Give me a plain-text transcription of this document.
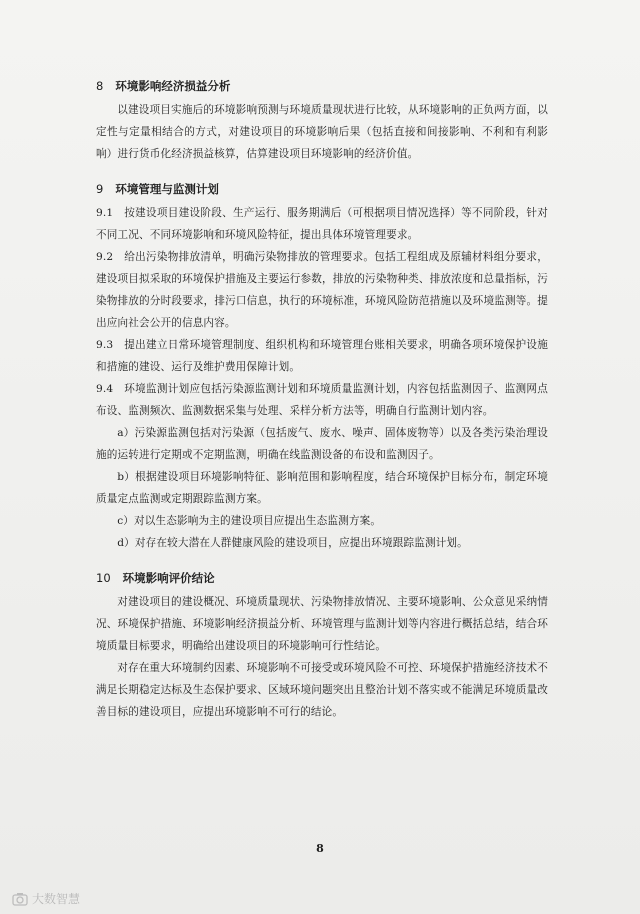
8 环境影响经济损益分析

以建设项目实施后的环境影响预测与环境质量现状进行比较，从环境影响的正负两方面，以定性与定量相结合的方式，对建设项目的环境影响后果（包括直接和间接影响、不利和有利影响）进行货币化经济损益核算，估算建设项目环境影响的经济价值。

9 环境管理与监测计划

9.1　按建设项目建设阶段、生产运行、服务期满后（可根据项目情况选择）等不同阶段，针对不同工况、不同环境影响和环境风险特征，提出具体环境管理要求。

9.2　给出污染物排放清单，明确污染物排放的管理要求。包括工程组成及原辅材料组分要求，建设项目拟采取的环境保护措施及主要运行参数，排放的污染物种类、排放浓度和总量指标，污染物排放的分时段要求，排污口信息，执行的环境标准，环境风险防范措施以及环境监测等。提出应向社会公开的信息内容。

9.3　提出建立日常环境管理制度、组织机构和环境管理台账相关要求，明确各项环境保护设施和措施的建设、运行及维护费用保障计划。

9.4　环境监测计划应包括污染源监测计划和环境质量监测计划，内容包括监测因子、监测网点布设、监测频次、监测数据采集与处理、采样分析方法等，明确自行监测计划内容。

a）污染源监测包括对污染源（包括废气、废水、噪声、固体废物等）以及各类污染治理设施的运转进行定期或不定期监测，明确在线监测设备的布设和监测因子。

b）根据建设项目环境影响特征、影响范围和影响程度，结合环境保护目标分布，制定环境质量定点监测或定期跟踪监测方案。

c）对以生态影响为主的建设项目应提出生态监测方案。

d）对存在较大潜在人群健康风险的建设项目，应提出环境跟踪监测计划。

10 环境影响评价结论

对建设项目的建设概况、环境质量现状、污染物排放情况、主要环境影响、公众意见采纳情况、环境保护措施、环境影响经济损益分析、环境管理与监测计划等内容进行概括总结，结合环境质量目标要求，明确给出建设项目的环境影响可行性结论。

对存在重大环境制约因素、环境影响不可接受或环境风险不可控、环境保护措施经济技术不满足长期稳定达标及生态保护要求、区域环境问题突出且整治计划不落实或不能满足环境质量改善目标的建设项目，应提出环境影响不可行的结论。

8
大数智慧
